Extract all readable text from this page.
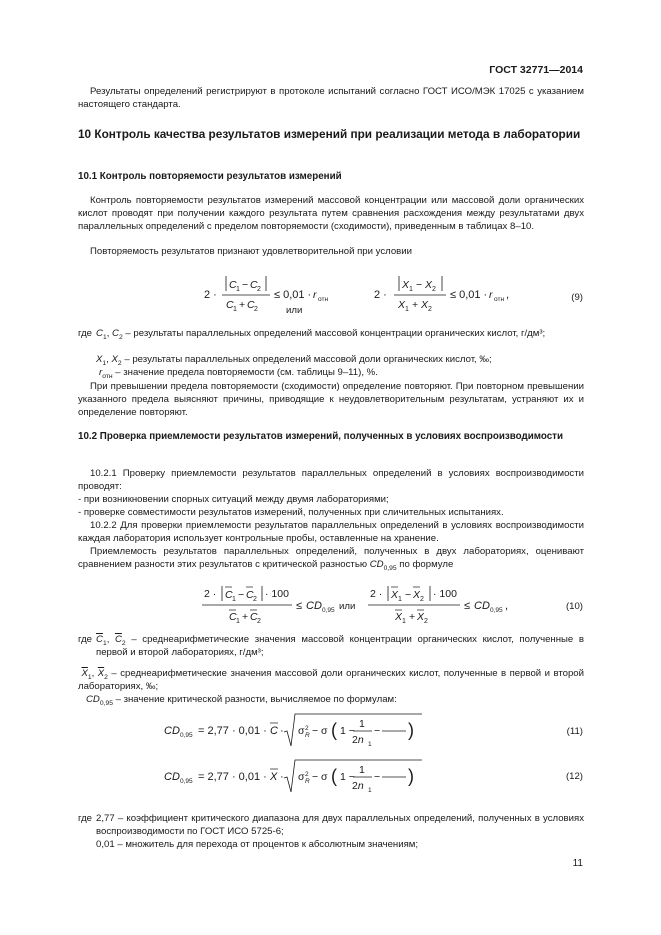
ГОСТ 32771—2014
Результаты определений регистрируют в протоколе испытаний согласно ГОСТ ИСО/МЭК 17025 с указанием настоящего стандарта.
10 Контроль качества результатов измерений при реализации метода в лаборатории
10.1 Контроль повторяемости результатов измерений
Контроль повторяемости результатов измерений массовой концентрации или массовой доли органических кислот проводят при получении каждого результата путем сравнения расхождения между результатами двух параллельных определений с пределом повторяемости (сходимости), приведенным в таблицах 8–10.
Повторяемость результатов признают удовлетворительной при условии
2 ·
C 1 − C 2
C 1 + C 2
≤ 0,01 · r отн
или
2 ·
X 1 − X 2
X 1 + X 2
≤ 0,01 · r отн ,	(9)
где $C_1$, $C_2$ – результаты параллельных определений массовой концентрации органических кислот, г/дм³;
$X_1$, $X_2$ – результаты параллельных определений массовой доли органических кислот, ‰;
$r_{отн}$ – значение предела повторяемости (см. таблицы 9–11), %.
При превышении предела повторяемости (сходимости) определение повторяют. При повторном превышении указанного предела выясняют причины, приводящие к неудовлетворительным результатам, устраняют их и определение повторяют.
10.2 Проверка приемлемости результатов измерений, полученных в условиях воспроизводимости
10.2.1 Проверку приемлемости результатов параллельных определений в условиях воспроизводимости проводят:
- при возникновении спорных ситуаций между двумя лабораториями;
- проверке совместимости результатов измерений, полученных при сличительных испытаниях.
10.2.2 Для проверки приемлемости результатов параллельных определений в условиях воспроизводимости каждая лаборатория использует контрольные пробы, оставленные на хранение.
Приемлемость результатов параллельных определений, полученных в двух лабораториях, оценивают сравнением разности этих результатов с критической разностью $CD_{0,95}$ по формуле
2 · C 1 − C 2 · 100
C 1 + C 2
≤ CD 0,95 или
2 · X 1 − X 2 · 100
X 1 + X 2
≤ CD 0,95 ,	(10)
где $\overline{C}_1$, $\overline{C}_2$ – среднеарифметические значения массовой концентрации органических кислот, полученные в первой и второй лабораториях, г/дм³;
$\overline{X}_1$, $\overline{X}_2$ – среднеарифметические значения массовой доли органических кислот, полученные в первой и второй лабораториях, ‰;
$CD_{0,95}$ – значение критической разности, вычисляемое по формулам:
CD 0,95 = 2,77 · 0,01 · C · σ 2
R − σ ( 1 −
1
2n 1
− )	(11)
CD 0,95 = 2,77 · 0,01 · X · σ 2
R − σ ( 1 −
1
2n 1
− )	(12)
где 2,77 – коэффициент критического диапазона для двух параллельных определений, полученных в условиях воспроизводимости по ГОСТ ИСО 5725-6;
0,01 – множитель для перехода от процентов к абсолютным значениям;
11
